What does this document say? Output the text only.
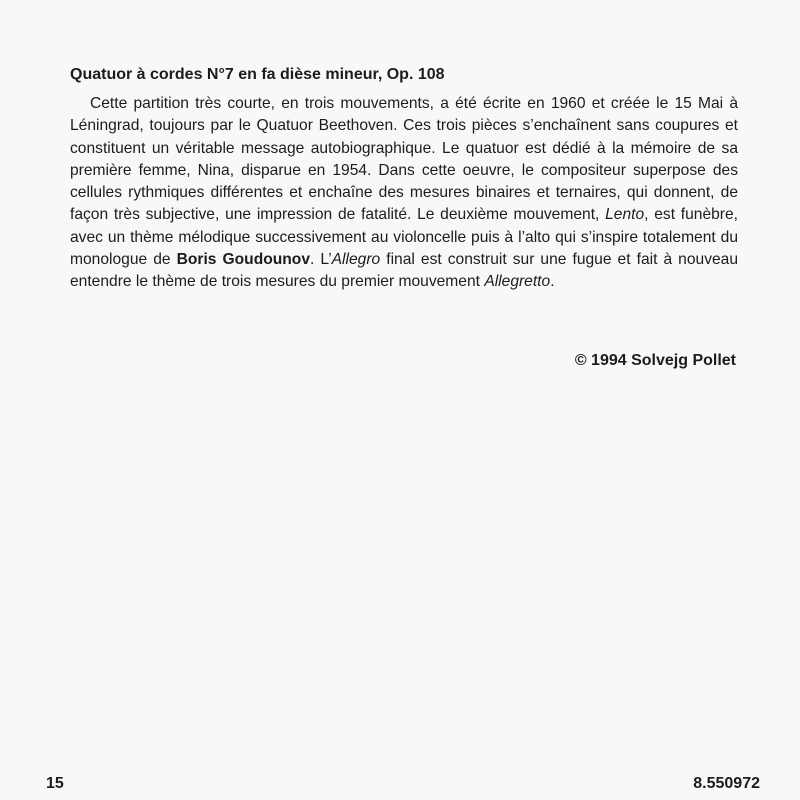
Quatuor à cordes N°7 en fa dièse mineur, Op. 108

Cette partition très courte, en trois mouvements, a été écrite en 1960 et créée le 15 Mai à Léningrad, toujours par le Quatuor Beethoven. Ces trois pièces s’enchaînent sans coupures et constituent un véritable message autobiographique. Le quatuor est dédié à la mémoire de sa première femme, Nina, disparue en 1954. Dans cette oeuvre, le compositeur superpose des cellules rythmiques différentes et enchaîne des mesures binaires et ternaires, qui donnent, de façon très subjective, une impression de fatalité. Le deuxième mouvement, Lento, est funèbre, avec un thème mélodique successivement au violoncelle puis à l’alto qui s’inspire totalement du monologue de Boris Goudounov. L’Allegro final est construit sur une fugue et fait à nouveau entendre le thème de trois mesures du premier mouvement Allegretto.

© 1994 Solvejg Pollet
15	8.550972
